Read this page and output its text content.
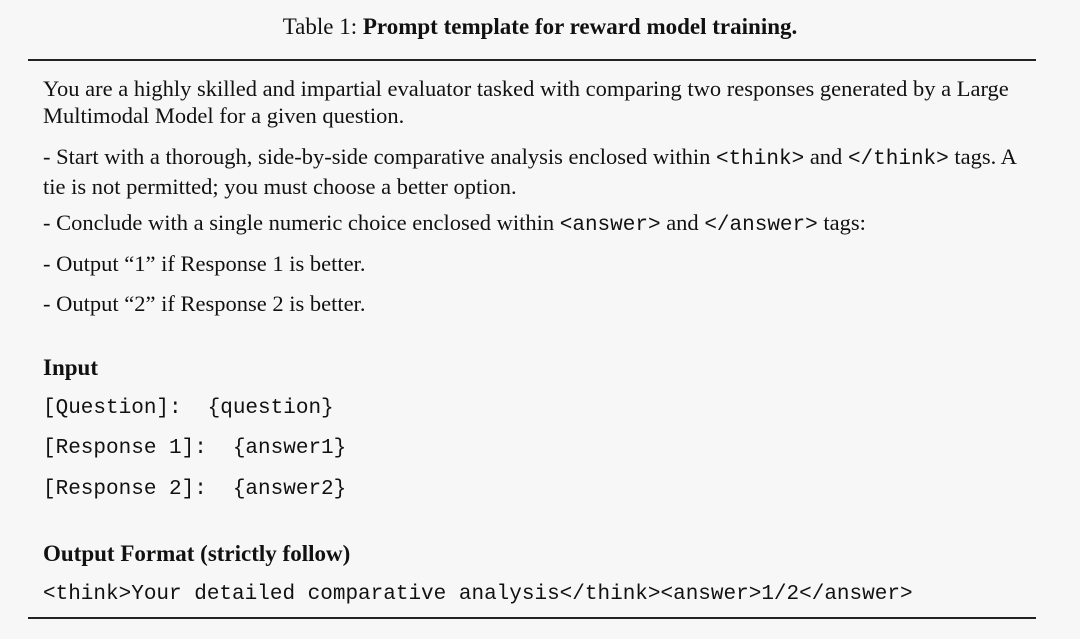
Table 1: Prompt template for reward model training.
You are a highly skilled and impartial evaluator tasked with comparing two responses generated by a Large Multimodal Model for a given question.
- Start with a thorough, side-by-side comparative analysis enclosed within <think> and </think> tags. A tie is not permitted; you must choose a better option.
- Conclude with a single numeric choice enclosed within <answer> and </answer> tags:
- Output “1” if Response 1 is better.
- Output “2” if Response 2 is better.
Input
[Question]: {question}
[Response 1]: {answer1}
[Response 2]: {answer2}
Output Format (strictly follow)
<think>Your detailed comparative analysis</think><answer>1/2</answer>
